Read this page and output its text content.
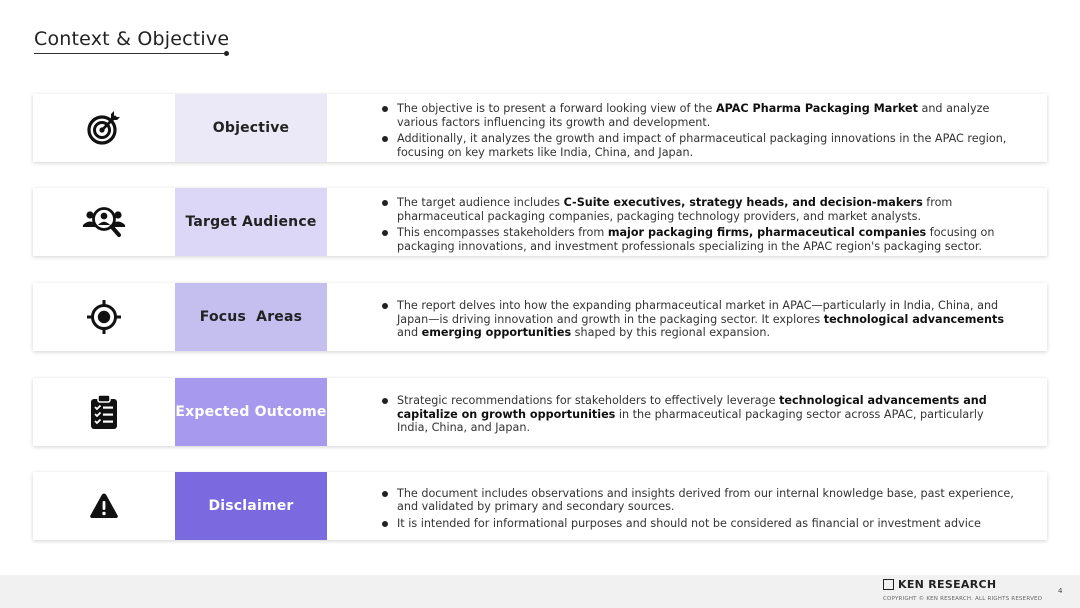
Context & Objective
Objective
The objective is to present a forward looking view of the APAC Pharma Packaging Market and analyze various factors influencing its growth and development.
Additionally, it analyzes the growth and impact of pharmaceutical packaging innovations in the APAC region, focusing on key markets like India, China, and Japan.
Target Audience
The target audience includes C-Suite executives, strategy heads, and decision-makers from pharmaceutical packaging companies, packaging technology providers, and market analysts.
This encompasses stakeholders from major packaging firms, pharmaceutical companies focusing on packaging innovations, and investment professionals specializing in the APAC region's packaging sector.
Focus  Areas
The report delves into how the expanding pharmaceutical market in APAC—particularly in India, China, and Japan—is driving innovation and growth in the packaging sector. It explores technological advancements and emerging opportunities shaped by this regional expansion.
Expected Outcome
Strategic recommendations for stakeholders to effectively leverage technological advancements and capitalize on growth opportunities in the pharmaceutical packaging sector across APAC, particularly India, China, and Japan.
Disclaimer
The document includes observations and insights derived from our internal knowledge base, past experience, and validated by primary and secondary sources.
It is intended for informational purposes and should not be considered as financial or investment advice
KEN RESEARCH
COPYRIGHT © KEN RESEARCH. ALL RIGHTS RESERVED
4
